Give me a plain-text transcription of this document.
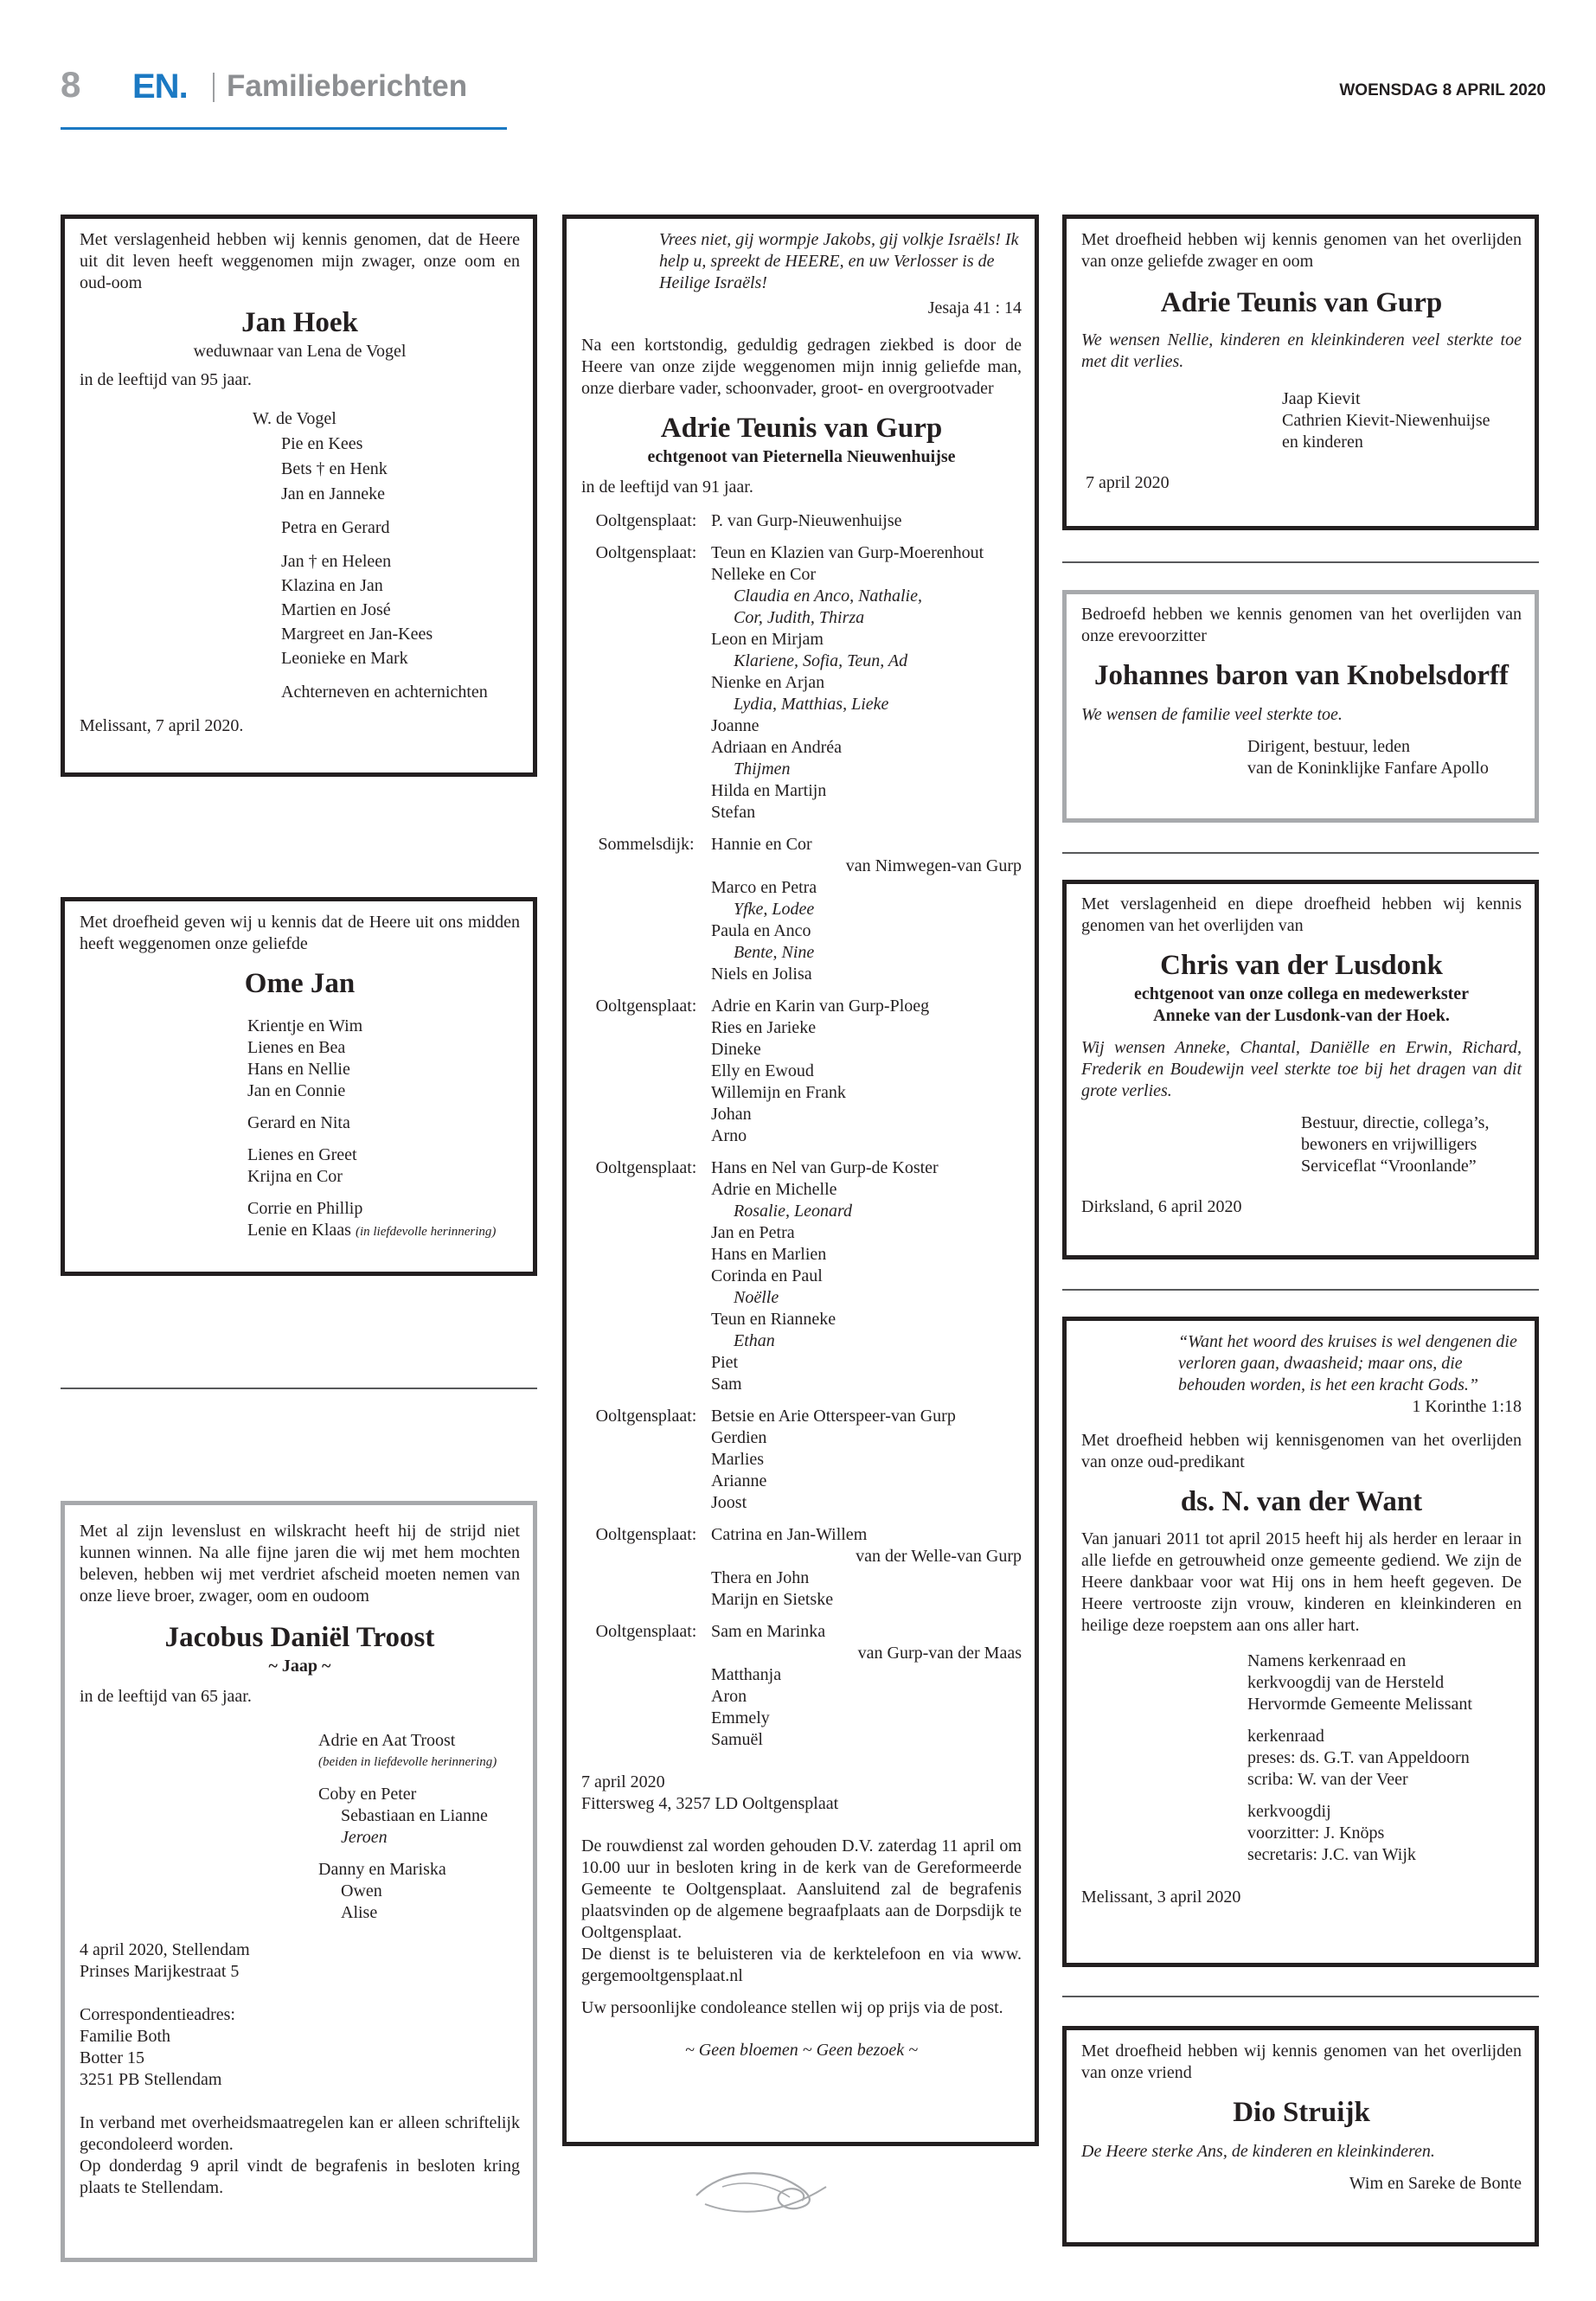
8 EN. Familieberichten	WOENSDAG 8 APRIL 2020
Met verslagenheid hebben wij kennis genomen, dat de Heere uit dit leven heeft weggenomen mijn zwager, onze oom en oud-oom
Jan Hoek
weduwnaar van Lena de Vogel
in de leeftijd van 95 jaar.
W. de Vogel
Pie en Kees
Bets † en Henk
Jan en Janneke
Petra en Gerard
Jan † en Heleen
Klazina en Jan
Martien en José
Margreet en Jan-Kees
Leonieke en Mark
Achterneven en achternichten
Melissant, 7 april 2020.
Met droefheid geven wij u kennis dat de Heere uit ons midden heeft weggenomen onze geliefde
Ome Jan
Krientje en Wim
Lienes en Bea
Hans en Nellie
Jan en Connie
Gerard en Nita
Lienes en Greet
Krijna en Cor
Corrie en Phillip
Lenie en Klaas (in liefdevolle herinnering)
Met al zijn levenslust en wilskracht heeft hij de strijd niet kunnen winnen. Na alle fijne jaren die wij met hem mochten beleven, hebben wij met verdriet afscheid moeten nemen van onze lieve broer, zwager, oom en oudoom
Jacobus Daniël Troost
~ Jaap ~
in de leeftijd van 65 jaar.
Adrie en Aat Troost
(beiden in liefdevolle herinnering)
Coby en Peter
Sebastiaan en Lianne
Jeroen
Danny en Mariska
Owen
Alise
4 april 2020, Stellendam
Prinses Marijkestraat 5
Correspondentieadres:
Familie Both
Botter 15
3251 PB Stellendam
In verband met overheidsmaatregelen kan er alleen schriftelijk gecondoleerd worden.
Op donderdag 9 april vindt de begrafenis in besloten kring plaats te Stellendam.
Vrees niet, gij wormpje Jakobs, gij volkje Israëls! Ik help u, spreekt de HEERE, en uw Verlosser is de Heilige Israëls!
Jesaja 41 : 14
Na een kortstondig, geduldig gedragen ziekbed is door de Heere van onze zijde weggenomen mijn innig geliefde man, onze dierbare vader, schoonvader, groot- en overgrootvader
Adrie Teunis van Gurp
echtgenoot van Pieternella Nieuwenhuijse
in de leeftijd van 91 jaar.
Ooltgensplaat: P. van Gurp-Nieuwenhuijse
Ooltgensplaat: Teun en Klazien van Gurp-Moerenhout
Nelleke en Cor
Claudia en Anco, Nathalie,
Cor, Judith, Thirza
Leon en Mirjam
Klariene, Sofia, Teun, Ad
Nienke en Arjan
Lydia, Matthias, Lieke
Joanne
Adriaan en Andréa
Thijmen
Hilda en Martijn
Stefan
Sommelsdijk: Hannie en Cor
van Nimwegen-van Gurp
Marco en Petra
Yfke, Lodee
Paula en Anco
Bente, Nine
Niels en Jolisa
Ooltgensplaat: Adrie en Karin van Gurp-Ploeg
Ries en Jarieke
Dineke
Elly en Ewoud
Willemijn en Frank
Johan
Arno
Ooltgensplaat: Hans en Nel van Gurp-de Koster
Adrie en Michelle
Rosalie, Leonard
Jan en Petra
Hans en Marlien
Corinda en Paul
Noëlle
Teun en Rianneke
Ethan
Piet
Sam
Ooltgensplaat: Betsie en Arie Otterspeer-van Gurp
Gerdien
Marlies
Arianne
Joost
Ooltgensplaat: Catrina en Jan-Willem
van der Welle-van Gurp
Thera en John
Marijn en Sietske
Ooltgensplaat: Sam en Marinka
van Gurp-van der Maas
Matthanja
Aron
Emmely
Samuël
7 april 2020
Fittersweg 4, 3257 LD Ooltgensplaat
De rouwdienst zal worden gehouden D.V. zaterdag 11 april om 10.00 uur in besloten kring in de kerk van de Gereformeerde Gemeente te Ooltgensplaat. Aansluitend zal de begrafenis plaatsvinden op de algemene begraafplaats aan de Dorpsdijk te Ooltgensplaat.
De dienst is te beluisteren via de kerktelefoon en via www. gergemooltgensplaat.nl
Uw persoonlijke condoleance stellen wij op prijs via de post.
~ Geen bloemen ~ Geen bezoek ~
Met droefheid hebben wij kennis genomen van het overlijden van onze geliefde zwager en oom
Adrie Teunis van Gurp
We wensen Nellie, kinderen en kleinkinderen veel sterkte toe met dit verlies.
Jaap Kievit
Cathrien Kievit-Niewenhuijse
en kinderen
7 april 2020
Bedroefd hebben we kennis genomen van het overlijden van onze erevoorzitter
Johannes baron van Knobelsdorff
We wensen de familie veel sterkte toe.
Dirigent, bestuur, leden
van de Koninklijke Fanfare Apollo
Met verslagenheid en diepe droefheid hebben wij kennis genomen van het overlijden van
Chris van der Lusdonk
echtgenoot van onze collega en medewerkster
Anneke van der Lusdonk-van der Hoek.
Wij wensen Anneke, Chantal, Daniëlle en Erwin, Richard, Frederik en Boudewijn veel sterkte toe bij het dragen van dit grote verlies.
Bestuur, directie, collega’s,
bewoners en vrijwilligers
Serviceflat “Vroonlande”
Dirksland, 6 april 2020
“Want het woord des kruises is wel dengenen die verloren gaan, dwaasheid; maar ons, die behouden worden, is het een kracht Gods.”
1 Korinthe 1:18
Met droefheid hebben wij kennisgenomen van het overlijden van onze oud-predikant
ds. N. van der Want
Van januari 2011 tot april 2015 heeft hij als herder en leraar in alle liefde en getrouwheid onze gemeente gediend. We zijn de Heere dankbaar voor wat Hij ons in hem heeft gegeven. De Heere vertrooste zijn vrouw, kinderen en kleinkinderen en heilige deze roepstem aan ons aller hart.
Namens kerkenraad en
kerkvoogdij van de Hersteld
Hervormde Gemeente Melissant
kerkenraad
preses: ds. G.T. van Appeldoorn
scriba: W. van der Veer
kerkvoogdij
voorzitter: J. Knöps
secretaris: J.C. van Wijk
Melissant, 3 april 2020
Met droefheid hebben wij kennis genomen van het overlijden van onze vriend
Dio Struijk
De Heere sterke Ans, de kinderen en kleinkinderen.
Wim en Sareke de Bonte
